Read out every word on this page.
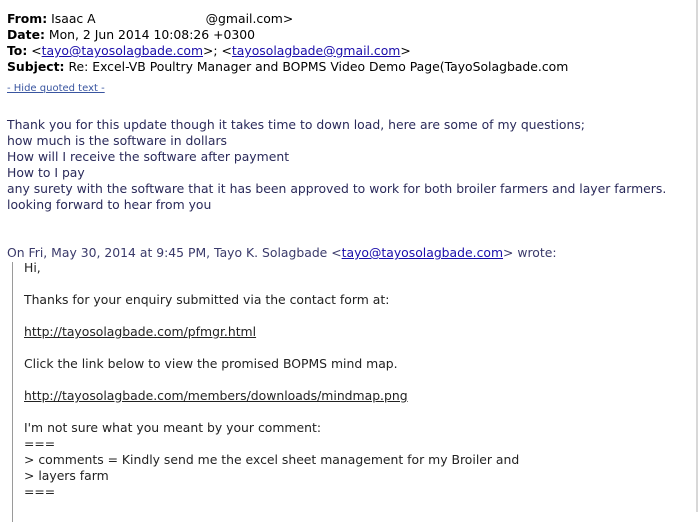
From: Isaac A	@gmail.com>
Date: Mon, 2 Jun 2014 10:08:26 +0300
To: <tayo@tayosolagbade.com>; <tayosolagbade@gmail.com>
Subject: Re: Excel-VB Poultry Manager and BOPMS Video Demo Page(TayoSolagbade.com
- Hide quoted text -
Thank you for this update though it takes time to down load, here are some of my questions;
how much is the software in dollars
How will I receive the software after payment
How to I pay
any surety with the software that it has been approved to work for both broiler farmers and layer farmers.
looking forward to hear from you
On Fri, May 30, 2014 at 9:45 PM, Tayo K. Solagbade <tayo@tayosolagbade.com> wrote:
Hi,
Thanks for your enquiry submitted via the contact form at:
http://tayosolagbade.com/pfmgr.html
Click the link below to view the promised BOPMS mind map.
http://tayosolagbade.com/members/downloads/mindmap.png
I'm not sure what you meant by your comment:
===
> comments = Kindly send me the excel sheet management for my Broiler and
> layers farm
===
